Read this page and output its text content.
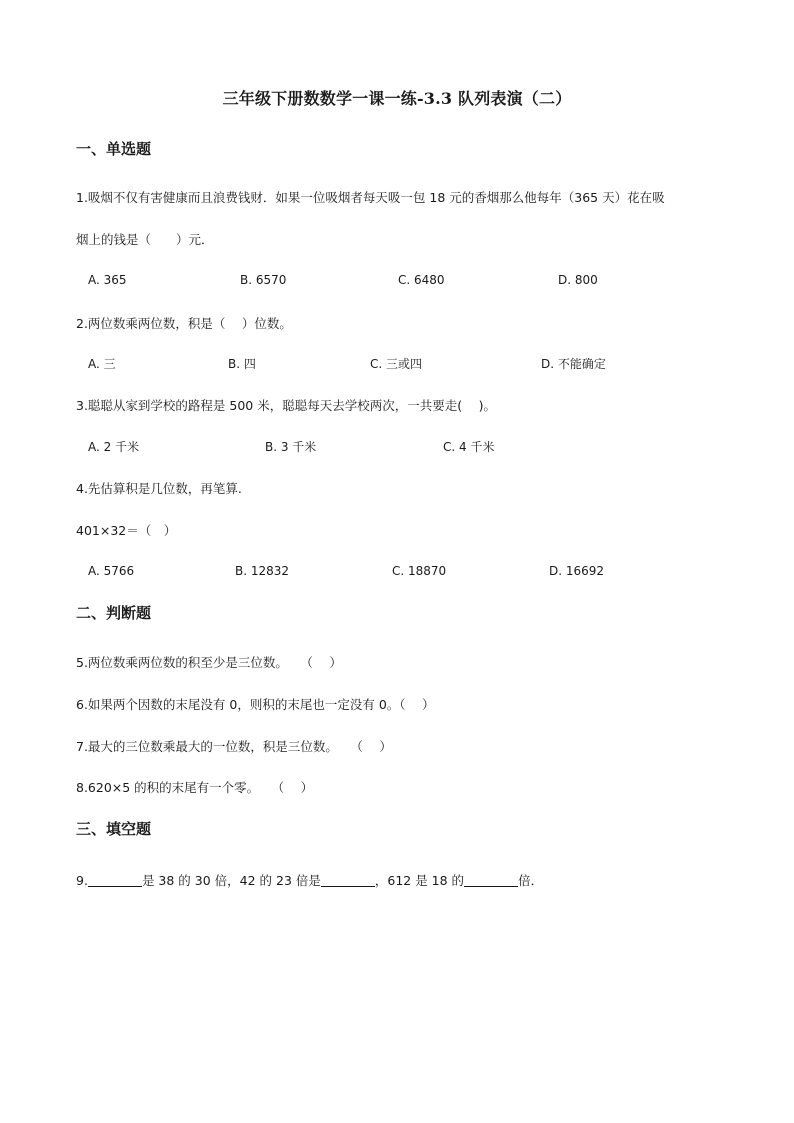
三年级下册数数学一课一练-3.3 队列表演（二）
一、单选题
1.吸烟不仅有害健康而且浪费钱财．如果一位吸烟者每天吸一包 18 元的香烟那么他每年（365 天）花在吸
烟上的钱是（　　）元．
A. 365	B. 6570	C. 6480	D. 800
2.两位数乘两位数，积是（　 ）位数。
A. 三	B. 四	C. 三或四	D. 不能确定
3.聪聪从家到学校的路程是 500 米，聪聪每天去学校两次，一共要走(　 )。
A. 2 千米	B. 3 千米	C. 4 千米
4.先估算积是几位数，再笔算.
401×32＝（　）
A. 5766	B. 12832	C. 18870	D. 16692
二、判断题
5.两位数乘两位数的积至少是三位数。　　（　 ）
6.如果两个因数的末尾没有 0，则积的末尾也一定没有 0。（　 ）
7.最大的三位数乘最大的一位数，积是三位数。　　（　 ）
8.620×5 的积的末尾有一个零。　　（　 ）
三、填空题
9.	是 38 的 30 倍，42 的 23 倍是	，612 是 18 的	倍．
